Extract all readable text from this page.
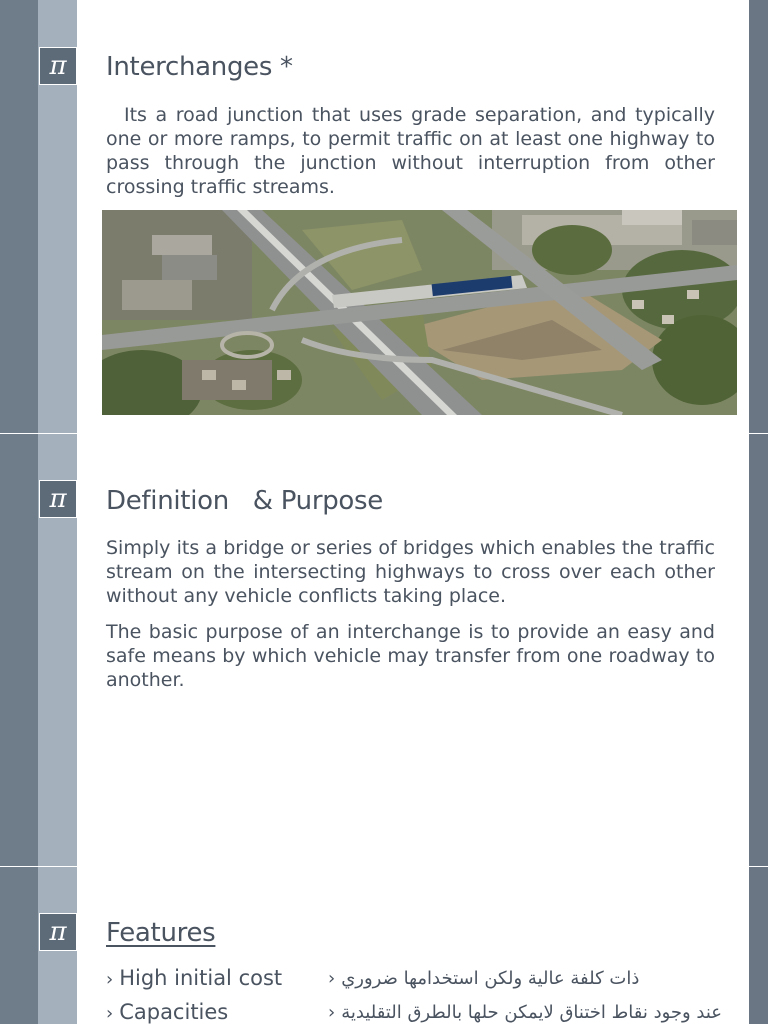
π	Interchanges *

Its a road junction that uses grade separation, and typically one or more ramps, to permit traffic on at least one highway to pass through the junction without interruption from other crossing traffic streams.

π	Definition   & Purpose

Simply its a bridge or series of bridges which enables the traffic stream on the intersecting highways to cross over each other without any vehicle conflicts taking place.

The basic purpose of an interchange is to provide an easy and safe means by which vehicle may transfer from one roadway to another.

π	Features
› High initial cost	› ذات كلفة عالية ولكن استخدامها ضروري
› Capacities	› عند وجود نقاط اختناق لايمكن حلها بالطرق التقليدية
